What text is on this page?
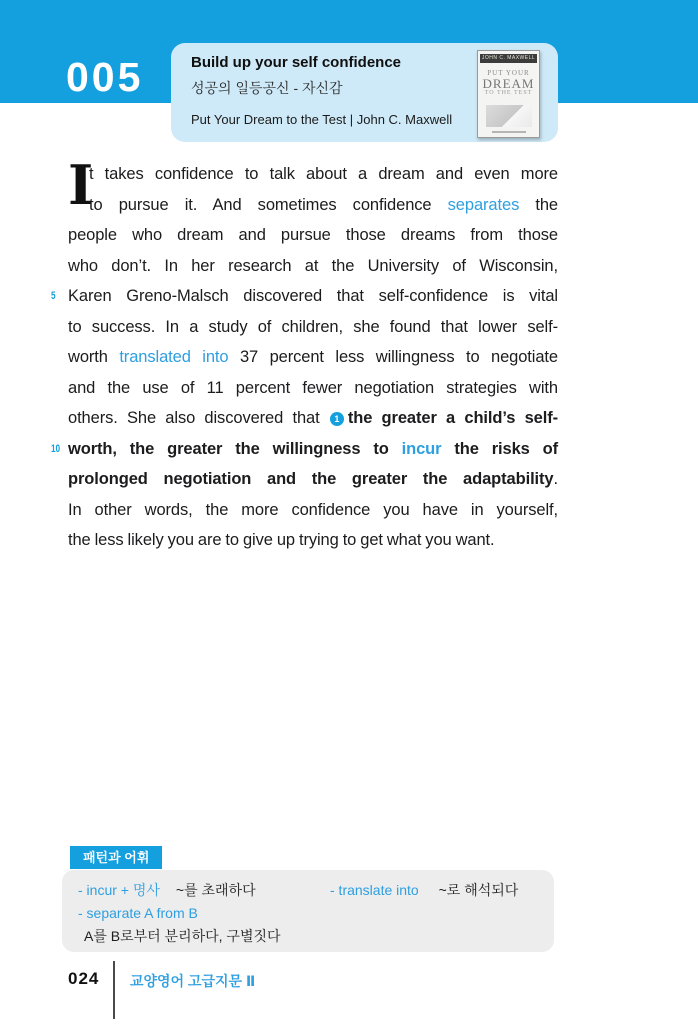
005	Build up your self confidence
성공의 일등공신 - 자신감
Put Your Dream to the Test | John C. Maxwell
JOHN C. MAXWELL
PUT YOUR
DREAM
TO THE TEST
I
t takes confidence to talk about a dream and even more
to pursue it. And sometimes confidence separates the
people who dream and pursue those dreams from those
who don’t. In her research at the University of Wisconsin,
5 Karen Greno-Malsch discovered that self-confidence is vital
to success. In a study of children, she found that lower self-
worth translated into 37 percent less willingness to negotiate
and the use of 11 percent fewer negotiation strategies with
others. She also discovered that 1 the greater a child’s self-
10 worth, the greater the willingness to incur the risks of
prolonged negotiation and the greater the adaptability.
In other words, the more confidence you have in yourself,
the less likely you are to give up trying to get what you want.
패턴과 어휘
- incur + 명사 ~를 초래하다	- translate into ~로 해석되다
- separate A from B
A를 B로부터 분리하다, 구별짓다
024 교양영어 고급지문 Ⅱ
